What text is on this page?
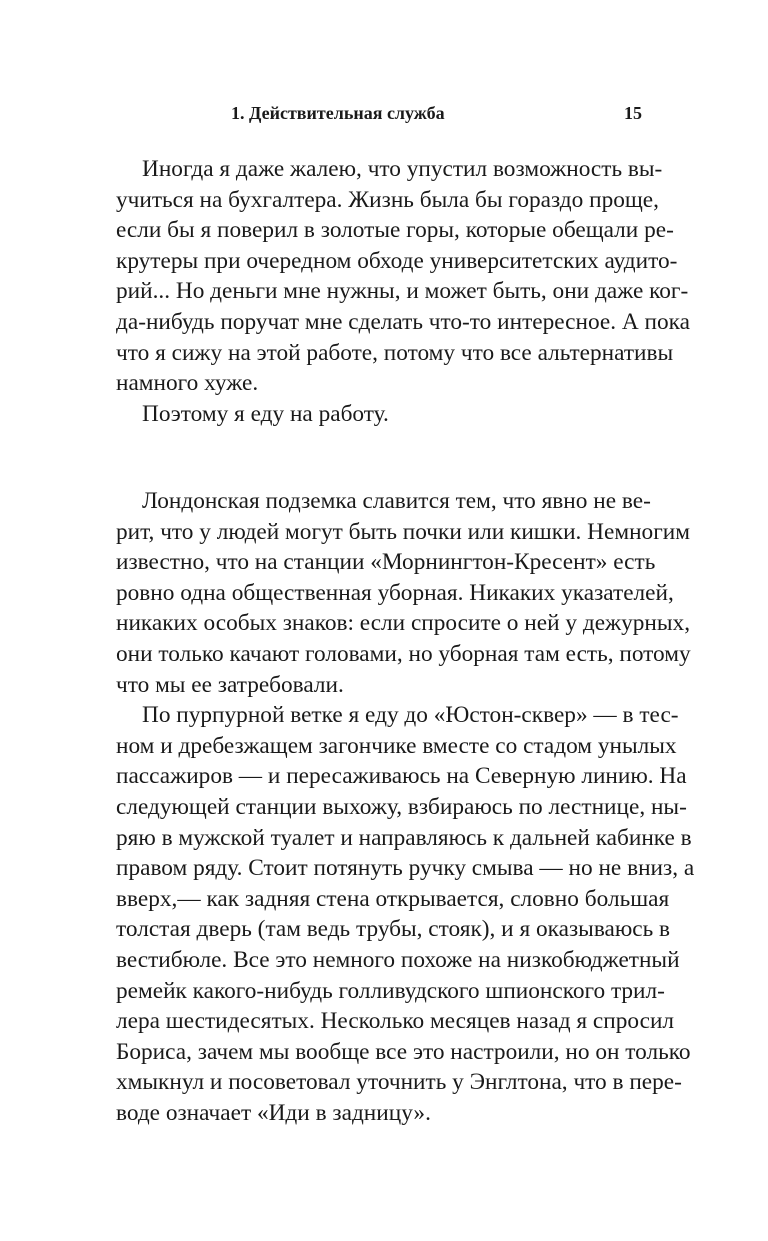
1. Действительная служба	15

Иногда я даже жалею, что упустил возможность вы-
учиться на бухгалтера. Жизнь была бы гораздо проще,
если бы я поверил в золотые горы, которые обещали ре-
крутеры при очередном обходе университетских аудито-
рий... Но деньги мне нужны, и может быть, они даже ког-
да-нибудь поручат мне сделать что-то интересное. А пока
что я сижу на этой работе, потому что все альтернативы
намного хуже.

Поэтому я еду на работу.

Лондонская подземка славится тем, что явно не ве-
рит, что у людей могут быть почки или кишки. Немногим
известно, что на станции «Морнингтон-Кресент» есть
ровно одна общественная уборная. Никаких указателей,
никаких особых знаков: если спросите о ней у дежурных,
они только качают головами, но уборная там есть, потому
что мы ее затребовали.

По пурпурной ветке я еду до «Юстон-сквер» — в тес-
ном и дребезжащем загончике вместе со стадом унылых
пассажиров — и пересаживаюсь на Северную линию. На
следующей станции выхожу, взбираюсь по лестнице, ны-
ряю в мужской туалет и направляюсь к дальней кабинке в
правом ряду. Стоит потянуть ручку смыва — но не вниз, а
вверх,— как задняя стена открывается, словно большая
толстая дверь (там ведь трубы, стояк), и я оказываюсь в
вестибюле. Все это немного похоже на низкобюджетный
ремейк какого-нибудь голливудского шпионского трил-
лера шестидесятых. Несколько месяцев назад я спросил
Бориса, зачем мы вообще все это настроили, но он только
хмыкнул и посоветовал уточнить у Энглтона, что в пере-
воде означает «Иди в задницу».
